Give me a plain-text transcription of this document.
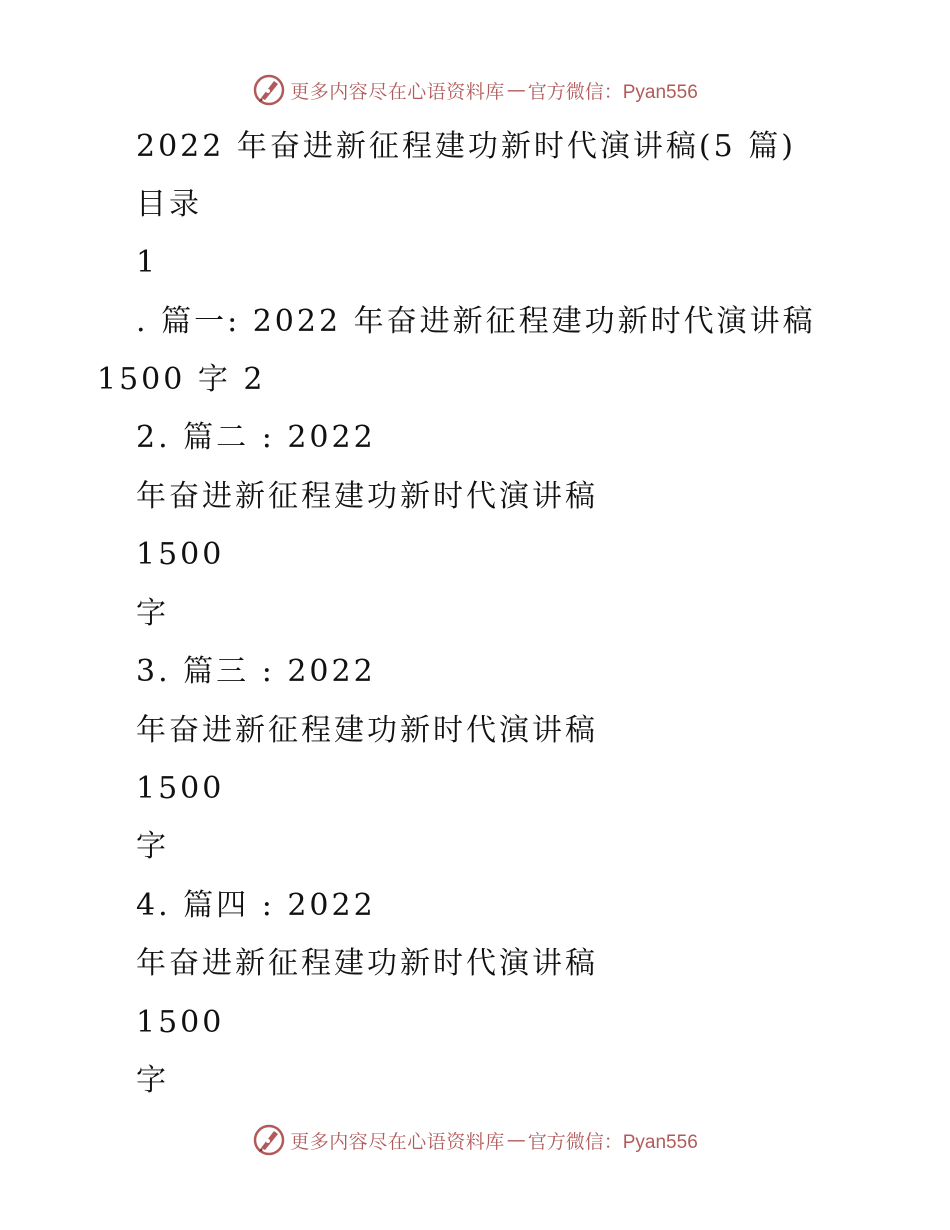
更多内容尽在心语资料库 — 官方微信：Pyan556
2022 年奋进新征程建功新时代演讲稿(5 篇)
目录
1
. 篇一: 2022 年奋进新征程建功新时代演讲稿
1500 字 2
2. 篇二 : 2022
年奋进新征程建功新时代演讲稿
1500
字
3. 篇三 : 2022
年奋进新征程建功新时代演讲稿
1500
字
4. 篇四 : 2022
年奋进新征程建功新时代演讲稿
1500
字
更多内容尽在心语资料库 — 官方微信：Pyan556
